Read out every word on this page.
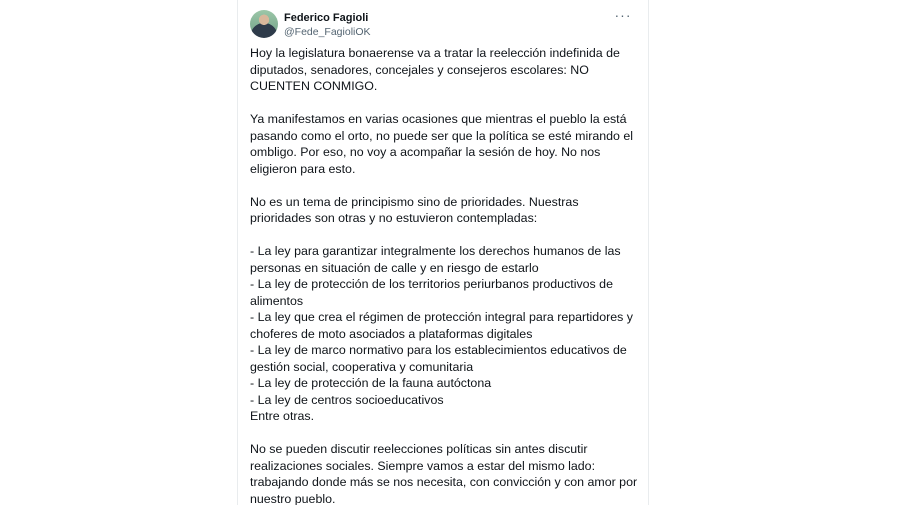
Federico Fagioli
@Fede_FagioliOK
···

Hoy la legislatura bonaerense va a tratar la reelección indefinida de diputados, senadores, concejales y consejeros escolares: NO CUENTEN CONMIGO.

Ya manifestamos en varias ocasiones que mientras el pueblo la está pasando como el orto, no puede ser que la política se esté mirando el ombligo. Por eso, no voy a acompañar la sesión de hoy. No nos eligieron para esto.

No es un tema de principismo sino de prioridades. Nuestras prioridades son otras y no estuvieron contempladas:

- La ley para garantizar integralmente los derechos humanos de las personas en situación de calle y en riesgo de estarlo
- La ley de protección de los territorios periurbanos productivos de alimentos
- La ley que crea el régimen de protección integral para repartidores y choferes de moto asociados a plataformas digitales
- La ley de marco normativo para los establecimientos educativos de gestión social, cooperativa y comunitaria
- La ley de protección de la fauna autóctona
- La ley de centros socioeducativos
Entre otras.

No se pueden discutir reelecciones políticas sin antes discutir realizaciones sociales. Siempre vamos a estar del mismo lado: trabajando donde más se nos necesita, con convicción y con amor por nuestro pueblo.
